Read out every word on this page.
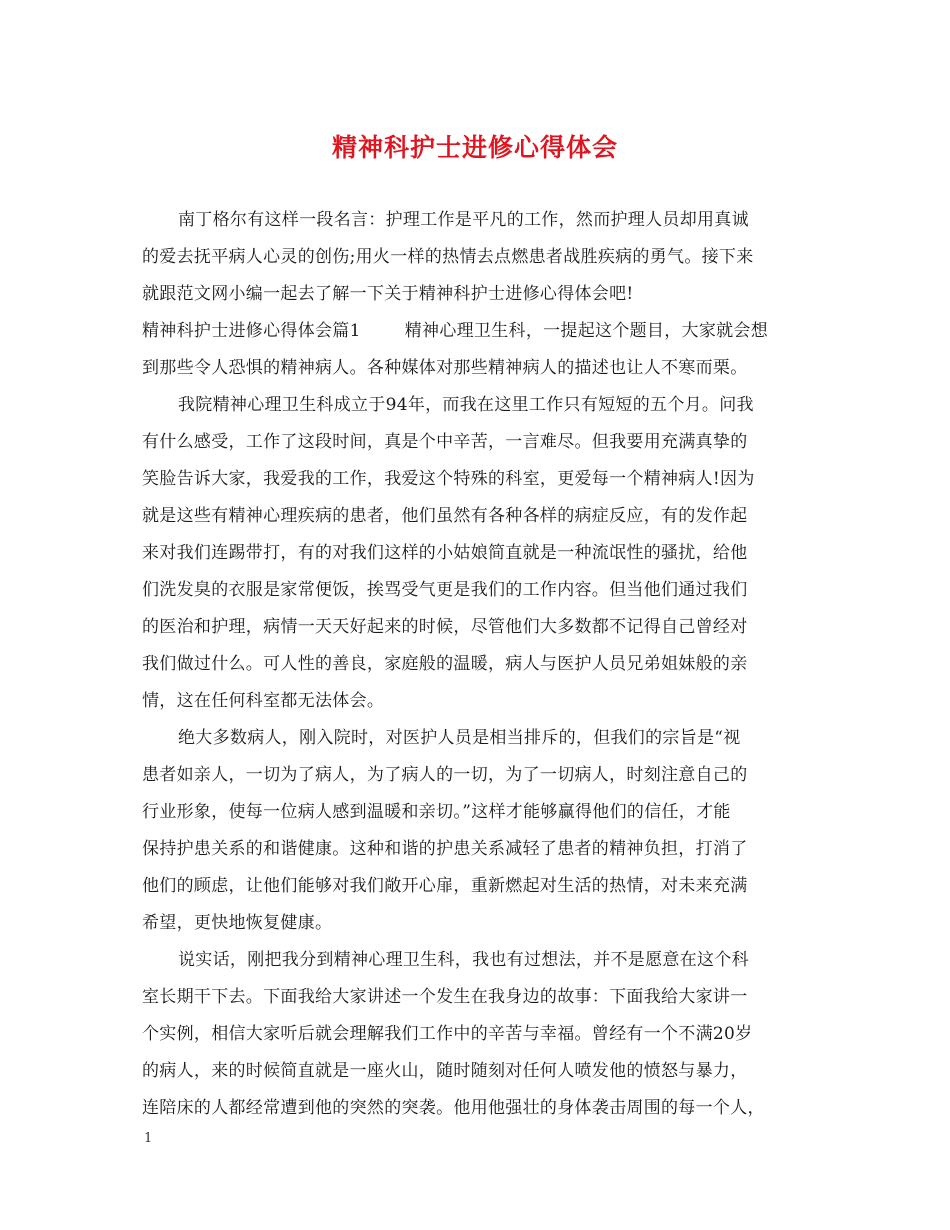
精神科护士进修心得体会
南丁格尔有这样一段名言：护理工作是平凡的工作，然而护理人员却用真诚
的爱去抚平病人心灵的创伤;用火一样的热情去点燃患者战胜疾病的勇气。接下来
就跟范文网小编一起去了解一下关于精神科护士进修心得体会吧!
精神科护士进修心得体会篇1	精神心理卫生科，一提起这个题目，大家就会想
到那些令人恐惧的精神病人。各种媒体对那些精神病人的描述也让人不寒而栗。
我院精神心理卫生科成立于94年，而我在这里工作只有短短的五个月。问我
有什么感受，工作了这段时间，真是个中辛苦，一言难尽。但我要用充满真挚的
笑脸告诉大家，我爱我的工作，我爱这个特殊的科室，更爱每一个精神病人!因为
就是这些有精神心理疾病的患者，他们虽然有各种各样的病症反应，有的发作起
来对我们连踢带打，有的对我们这样的小姑娘简直就是一种流氓性的骚扰，给他
们洗发臭的衣服是家常便饭，挨骂受气更是我们的工作内容。但当他们通过我们
的医治和护理，病情一天天好起来的时候，尽管他们大多数都不记得自己曾经对
我们做过什么。可人性的善良，家庭般的温暖，病人与医护人员兄弟姐妹般的亲
情，这在任何科室都无法体会。
绝大多数病人，刚入院时，对医护人员是相当排斥的，但我们的宗旨是“视
患者如亲人，一切为了病人，为了病人的一切，为了一切病人，时刻注意自己的
行业形象，使每一位病人感到温暖和亲切。”这样才能够赢得他们的信任，才能
保持护患关系的和谐健康。这种和谐的护患关系减轻了患者的精神负担，打消了
他们的顾虑，让他们能够对我们敞开心扉，重新燃起对生活的热情，对未来充满
希望，更快地恢复健康。
说实话，刚把我分到精神心理卫生科，我也有过想法，并不是愿意在这个科
室长期干下去。下面我给大家讲述一个发生在我身边的故事：下面我给大家讲一
个实例，相信大家听后就会理解我们工作中的辛苦与幸福。曾经有一个不满20岁
的病人，来的时候简直就是一座火山，随时随刻对任何人喷发他的愤怒与暴力，
连陪床的人都经常遭到他的突然的突袭。他用他强壮的身体袭击周围的每一个人，
1
